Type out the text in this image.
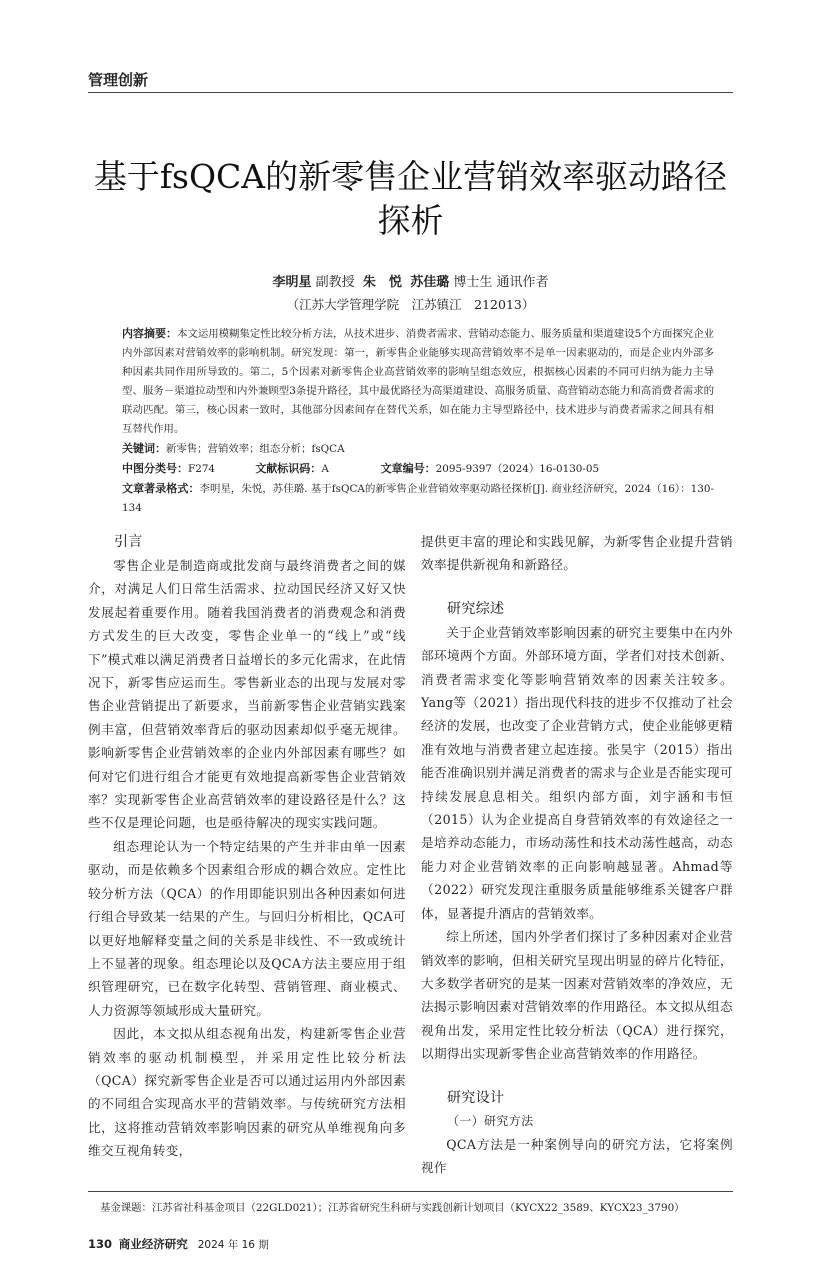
管理创新
基于fsQCA的新零售企业营销效率驱动路径探析
李明星 副教授 朱　悦 苏佳璐 博士生 通讯作者
（江苏大学管理学院　江苏镇江　212013）
内容摘要：本文运用模糊集定性比较分析方法，从技术进步、消费者需求、营销动态能力、服务质量和渠道建设5个方面探究企业内外部因素对营销效率的影响机制。研究发现：第一，新零售企业能够实现高营销效率不是单一因素驱动的，而是企业内外部多种因素共同作用所导致的。第二，5个因素对新零售企业高营销效率的影响呈组态效应，根据核心因素的不同可归纳为能力主导型、服务－渠道拉动型和内外兼顾型3条提升路径，其中最优路径为高渠道建设、高服务质量、高营销动态能力和高消费者需求的联动匹配。第三，核心因素一致时，其他部分因素间存在替代关系，如在能力主导型路径中，技术进步与消费者需求之间具有相互替代作用。
关键词：新零售；营销效率；组态分析；fsQCA
中图分类号：F274	文献标识码：A	文章编号：2095-9397（2024）16-0130-05
文章著录格式：李明星，朱悦，苏佳璐. 基于fsQCA的新零售企业营销效率驱动路径探析[J]. 商业经济研究，2024（16）：130-134
引言

零售企业是制造商或批发商与最终消费者之间的媒介，对满足人们日常生活需求、拉动国民经济又好又快发展起着重要作用。随着我国消费者的消费观念和消费方式发生的巨大改变，零售企业单一的“线上”或“线下”模式难以满足消费者日益增长的多元化需求，在此情况下，新零售应运而生。零售新业态的出现与发展对零售企业营销提出了新要求，当前新零售企业营销实践案例丰富，但营销效率背后的驱动因素却似乎毫无规律。影响新零售企业营销效率的企业内外部因素有哪些？如何对它们进行组合才能更有效地提高新零售企业营销效率？实现新零售企业高营销效率的建设路径是什么？这些不仅是理论问题，也是亟待解决的现实实践问题。

组态理论认为一个特定结果的产生并非由单一因素驱动，而是依赖多个因素组合形成的耦合效应。定性比较分析方法（QCA）的作用即能识别出各种因素如何进行组合导致某一结果的产生。与回归分析相比，QCA可以更好地解释变量之间的关系是非线性、不一致或统计上不显著的现象。组态理论以及QCA方法主要应用于组织管理研究，已在数字化转型、营销管理、商业模式、人力资源等领域形成大量研究。

因此，本文拟从组态视角出发，构建新零售企业营销效率的驱动机制模型，并采用定性比较分析法（QCA）探究新零售企业是否可以通过运用内外部因素的不同组合实现高水平的营销效率。与传统研究方法相比，这将推动营销效率影响因素的研究从单维视角向多维交互视角转变，

提供更丰富的理论和实践见解，为新零售企业提升营销效率提供新视角和新路径。

研究综述

关于企业营销效率影响因素的研究主要集中在内外部环境两个方面。外部环境方面，学者们对技术创新、消费者需求变化等影响营销效率的因素关注较多。Yang等（2021）指出现代科技的进步不仅推动了社会经济的发展，也改变了企业营销方式，使企业能够更精准有效地与消费者建立起连接。张昊宇（2015）指出能否准确识别并满足消费者的需求与企业是否能实现可持续发展息息相关。组织内部方面，刘宇涵和韦恒（2015）认为企业提高自身营销效率的有效途径之一是培养动态能力，市场动荡性和技术动荡性越高，动态能力对企业营销效率的正向影响越显著。Ahmad等（2022）研究发现注重服务质量能够维系关键客户群体，显著提升酒店的营销效率。

综上所述，国内外学者们探讨了多种因素对企业营销效率的影响，但相关研究呈现出明显的碎片化特征，大多数学者研究的是某一因素对营销效率的净效应，无法揭示影响因素对营销效率的作用路径。本文拟从组态视角出发，采用定性比较分析法（QCA）进行探究，以期得出实现新零售企业高营销效率的作用路径。

研究设计
（一）研究方法

QCA方法是一种案例导向的研究方法，它将案例视作

基金课题：江苏省社科基金项目（22GLD021）；江苏省研究生科研与实践创新计划项目（KYCX22_3589、KYCX23_3790）
130 商业经济研究 2024 年 16 期
